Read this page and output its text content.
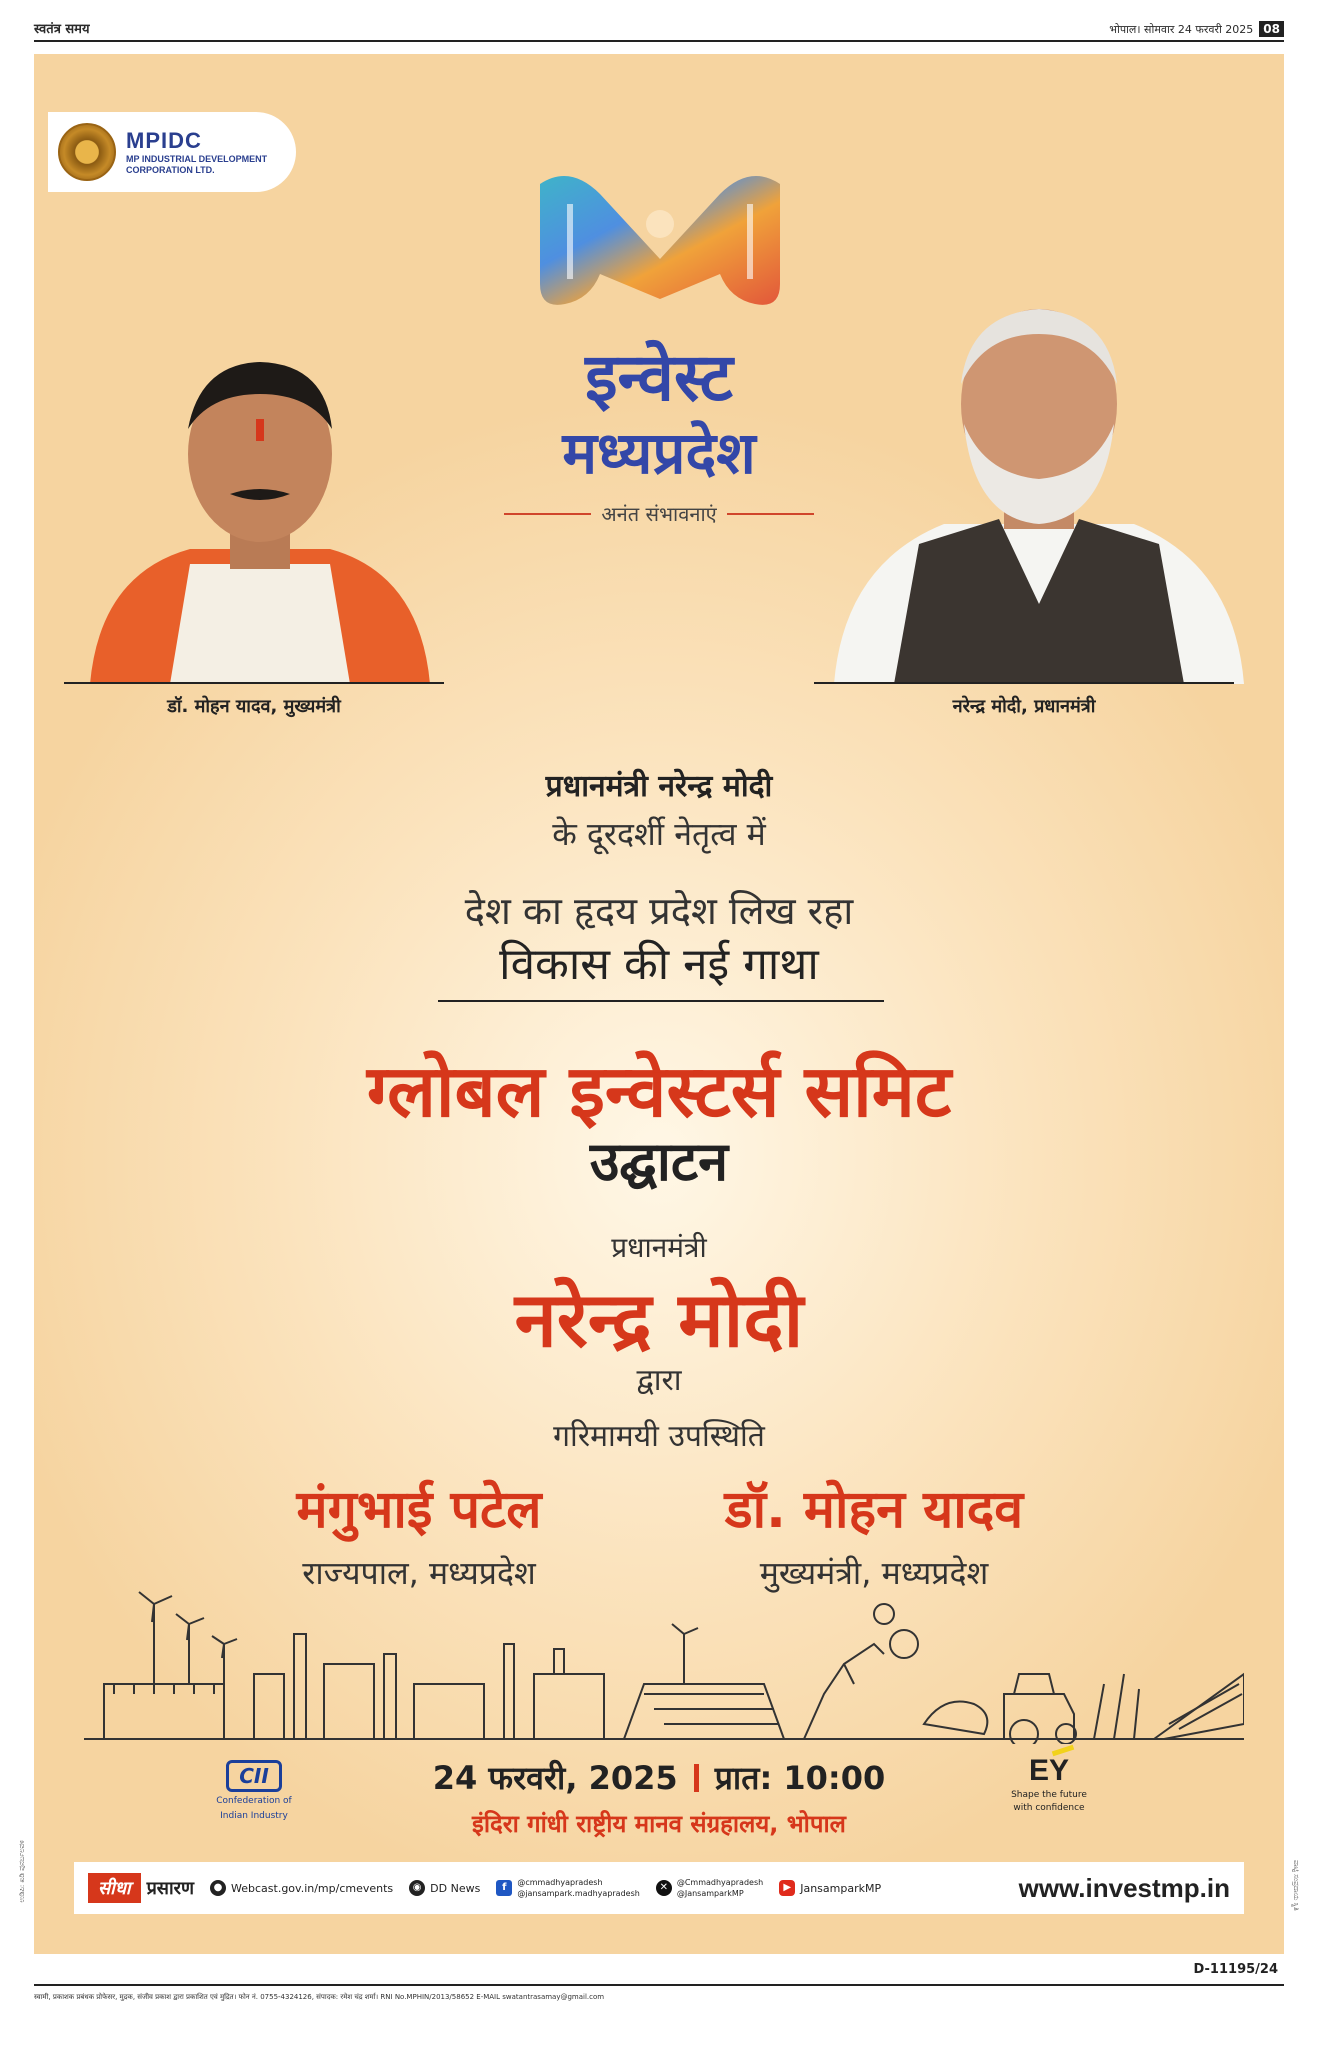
स्वतंत्र समय	भोपाल। सोमवार 24 फरवरी 2025 08
MPIDC
MP INDUSTRIAL DEVELOPMENT
CORPORATION LTD.
इन्वेस्ट
मध्यप्रदेश
अनंत संभावनाएं
डॉ. मोहन यादव, मुख्यमंत्री	नरेन्द्र मोदी, प्रधानमंत्री
प्रधानमंत्री नरेन्द्र मोदी
के दूरदर्शी नेतृत्व में
देश का हृदय प्रदेश लिख रहा
विकास की नई गाथा
ग्लोबल इन्वेस्टर्स समिट
उद्घाटन
प्रधानमंत्री
नरेन्द्र मोदी
द्वारा
गरिमामयी उपस्थिति
मंगुभाई पटेल
राज्यपाल, मध्यप्रदेश
डॉ. मोहन यादव
मुख्यमंत्री, मध्यप्रदेश
CII
Confederation of
Indian Industry
24 फरवरी, 2025 प्रात: 10:00
इंदिरा गांधी राष्ट्रीय मानव संग्रहालय, भोपाल
EY
Shape the future
with confidence
सीधा प्रसारण	● Webcast.gov.in/mp/cmevents	◉ DD News	f	@cmmadhyapradesh
@jansampark.madhyapradesh
✕	@Cmmadhyapradesh
@JansamparkMP
▶ JansamparkMP	www.investmp.in
ಉಡಿಪಿ: ಖಡಿ ಪುನರ್ಬಲವಳಿ	ಪಾಟ್ಟಿ ಸಂಪ್ರದಾಯ ಸ್ಥಿತಿ
D-11195/24
स्वामी, प्रकाशक प्रबंधक प्रोफेसर, मुद्रक, संजीव प्रकाश द्वारा प्रकाशित एवं मुद्रित। फोन नं. 0755-4324126, संपादक: रमेश चंद्र शर्मा। RNI No.MPHIN/2013/58652 E-MAIL swatantrasamay@gmail.com
